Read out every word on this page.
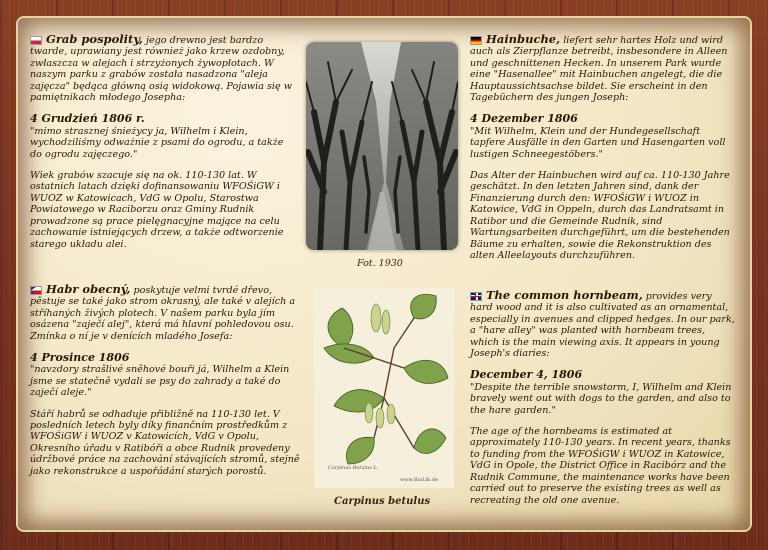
Grab pospolity, jego drewno jest bardzo twarde, uprawiany jest również jako krzew ozdobny, zwłaszcza w alejach i strzyżonych żywopłotach. W naszym parku z grabów została nasadzona "aleja zajęcza" będąca główną osią widokową. Pojawia się w pamiętnikach młodego Josepha:

4 Grudzień 1806 r.
"mimo strasznej śnieżycy ja, Wilhelm i Klein, wychodziliśmy odważnie z psami do ogrodu, a także do ogrodu zajęczego."

Wiek grabów szacuje się na ok. 110-130 lat. W ostatnich latach dzięki dofinansowaniu WFOŚiGW i WUOZ w Katowicach, VdG w Opolu, Starostwa Powiatowego w Raciborzu oraz Gminy Rudnik prowadzone są prace pielęgnacyjne mające na celu zachowanie istniejących drzew, a także odtworzenie starego układu alei.

Habr obecný, poskytuje velmi tvrdé dřevo, pěstuje se také jako strom okrasný, ale také v alejích a stříhaných živých plotech. V našem parku byla jím osázena "zaječí alej", která má hlavní pohledovou osu. Zmínka o ní je v denících mladého Josefa:

4 Prosince 1806
"navzdory strašlivé sněhové bouři já, Wilhelm a Klein jsme se statečně vydali se psy do zahrady a také do zaječí aleje."

Stáří habrů se odhaduje přibližně na 110-130 let. V posledních letech byly díky finančním prostředkům z WFOŚiGW i WUOZ v Katowicích, VdG v Opolu, Okresního úřadu v Ratibóři a obce Rudnik provedeny údržbové práce na zachování stávajících stromů, stejně jako rekonstrukce a uspořádání starých porostů.

Hainbuche, liefert sehr hartes Holz und wird auch als Zierpflanze betreibt, insbesondere in Alleen und geschnittenen Hecken. In unserem Park wurde eine "Hasenallee" mit Hainbuchen angelegt, die die Hauptaussichtsachse bildet. Sie erscheint in den Tagebüchern des jungen Joseph:

4 Dezember 1806
"Mit Wilhelm, Klein und der Hundegesellschaft tapfere Ausfälle in den Garten und Hasengarten voll lustigen Schneegestöbers."

Das Alter der Hainbuchen wird auf ca. 110-130 Jahre geschätzt. In den letzten Jahren sind, dank der Finanzierung durch den: WFOŚiGW i WUOZ in Katowice, VdG in Oppeln, durch das Landratsamt in Ratibor und die Gemeinde Rudnik, sind Wartungsarbeiten durchgeführt, um die bestehenden Bäume zu erhalten, sowie die Rekonstruktion des alten Alleelayouts durchzuführen.

The common hornbeam, provides very hard wood and it is also cultivated as an ornamental, especially in avenues and clipped hedges. In our park, a "hare alley" was planted with hornbeam trees, which is the main viewing axis. It appears in young Joseph's diaries:

December 4, 1806
"Despite the terrible snowstorm, I, Wilhelm and Klein bravely went out with dogs to the garden, and also to the hare garden."

The age of the hornbeams is estimated at approximately 110-130 years. In recent years, thanks to funding from the WFOŚiGW i WUOZ in Katowice, VdG in Opole, the District Office in Racibórz and the Rudnik Commune, the maintenance works have been carried out to preserve the existing trees as well as recreating the old one avenue.

Fot. 1930
Carpinus Betulus L.
www.BioLib.de
Carpinus betulus
